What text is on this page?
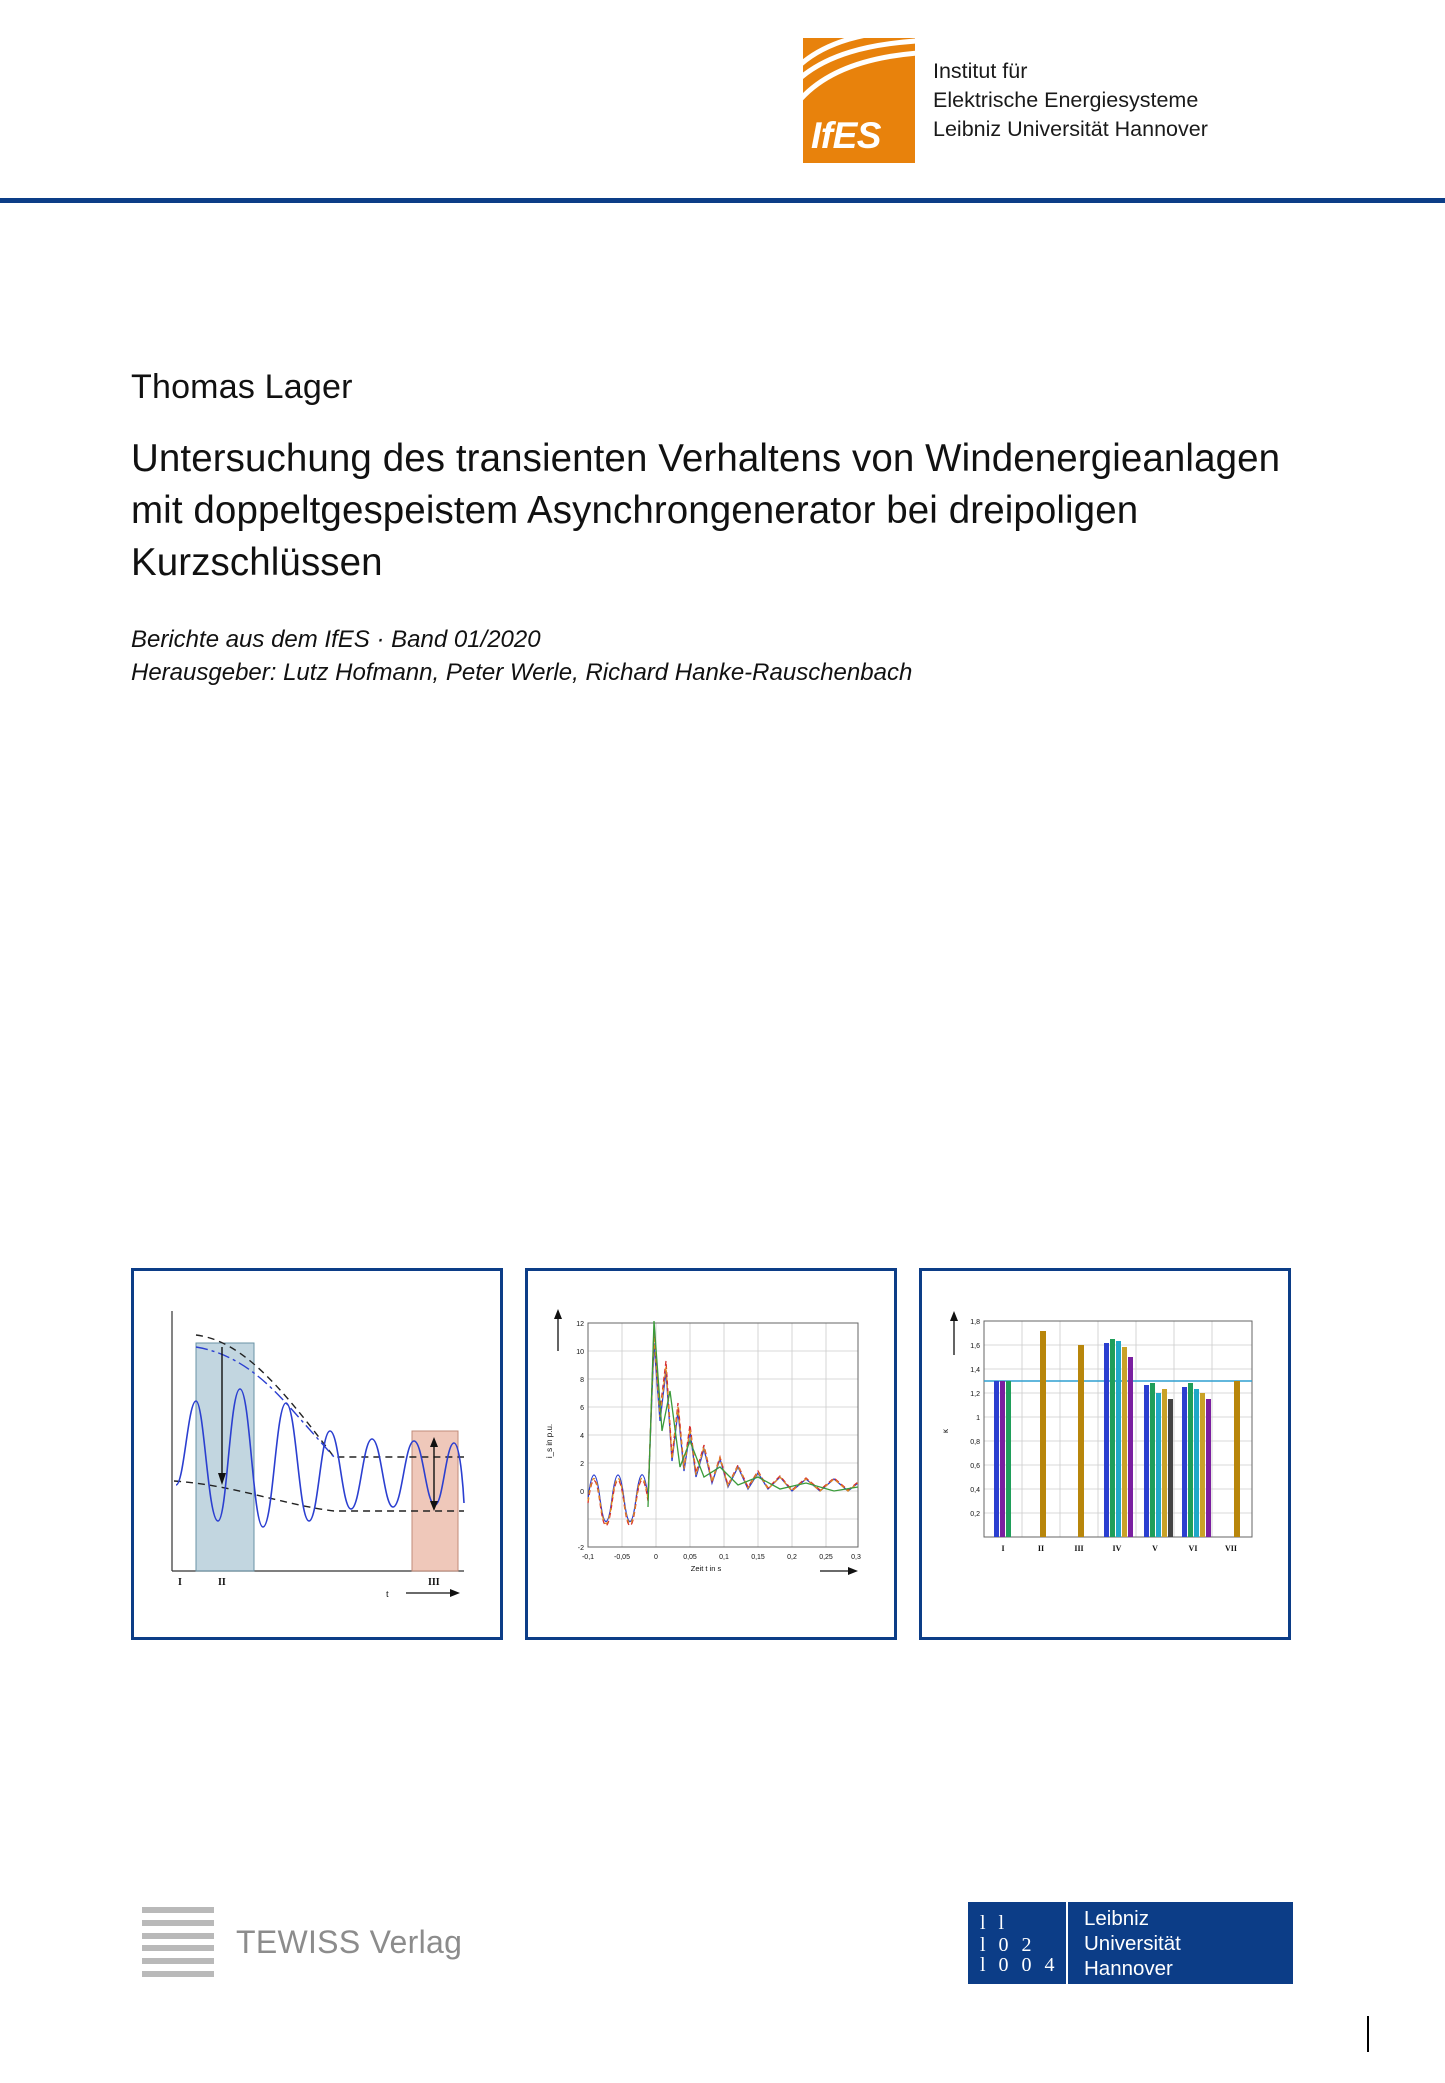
IfES
Institut für
Elektrische Energiesysteme
Leibniz Universität Hannover
Thomas Lager
Untersuchung des transienten Verhaltens von Windenergieanlagen mit doppeltgespeistem Asynchrongenerator bei dreipoligen Kurzschlüssen
Berichte aus dem IfES · Band 01/2020
Herausgeber: Lutz Hofmann, Peter Werle, Richard Hanke-Rauschenbach
I	II	III
t
i_s in p.u.
-0,1	-0,05	0	0,05	0,1	0,15	0,2	0,25	0,3
12
10
8
6
4
2
0
-2
Zeit t in s
κ
I	II	III	IV	V	VI	VII
1,8
1,6
1,4
1,2
1
0,8
0,6
0,4
0,2
TEWISS Verlag
l l
l 0 2
l 0 0 4
Leibniz
Universität
Hannover
